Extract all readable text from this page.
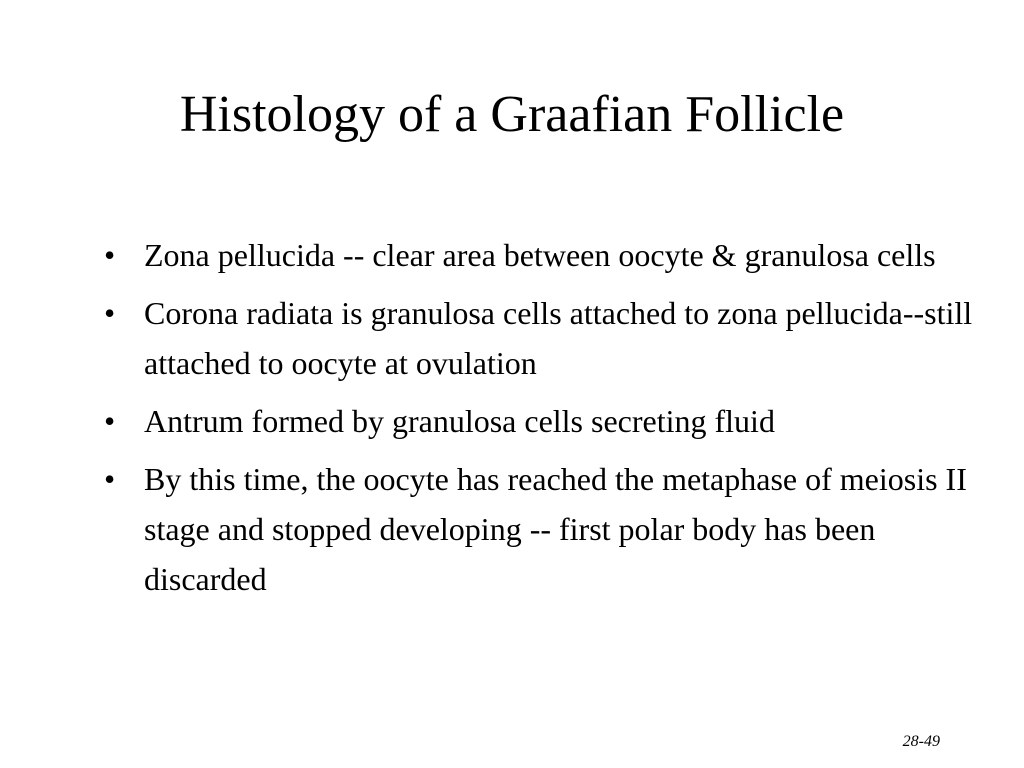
Histology of a Graafian Follicle
• Zona pellucida -- clear area between oocyte & granulosa cells
• Corona radiata is granulosa cells attached to zona pellucida--still attached to oocyte at ovulation
• Antrum formed by granulosa cells secreting fluid
• By this time, the oocyte has reached the metaphase of meiosis II stage and stopped developing -- first polar body has been discarded
28-49
